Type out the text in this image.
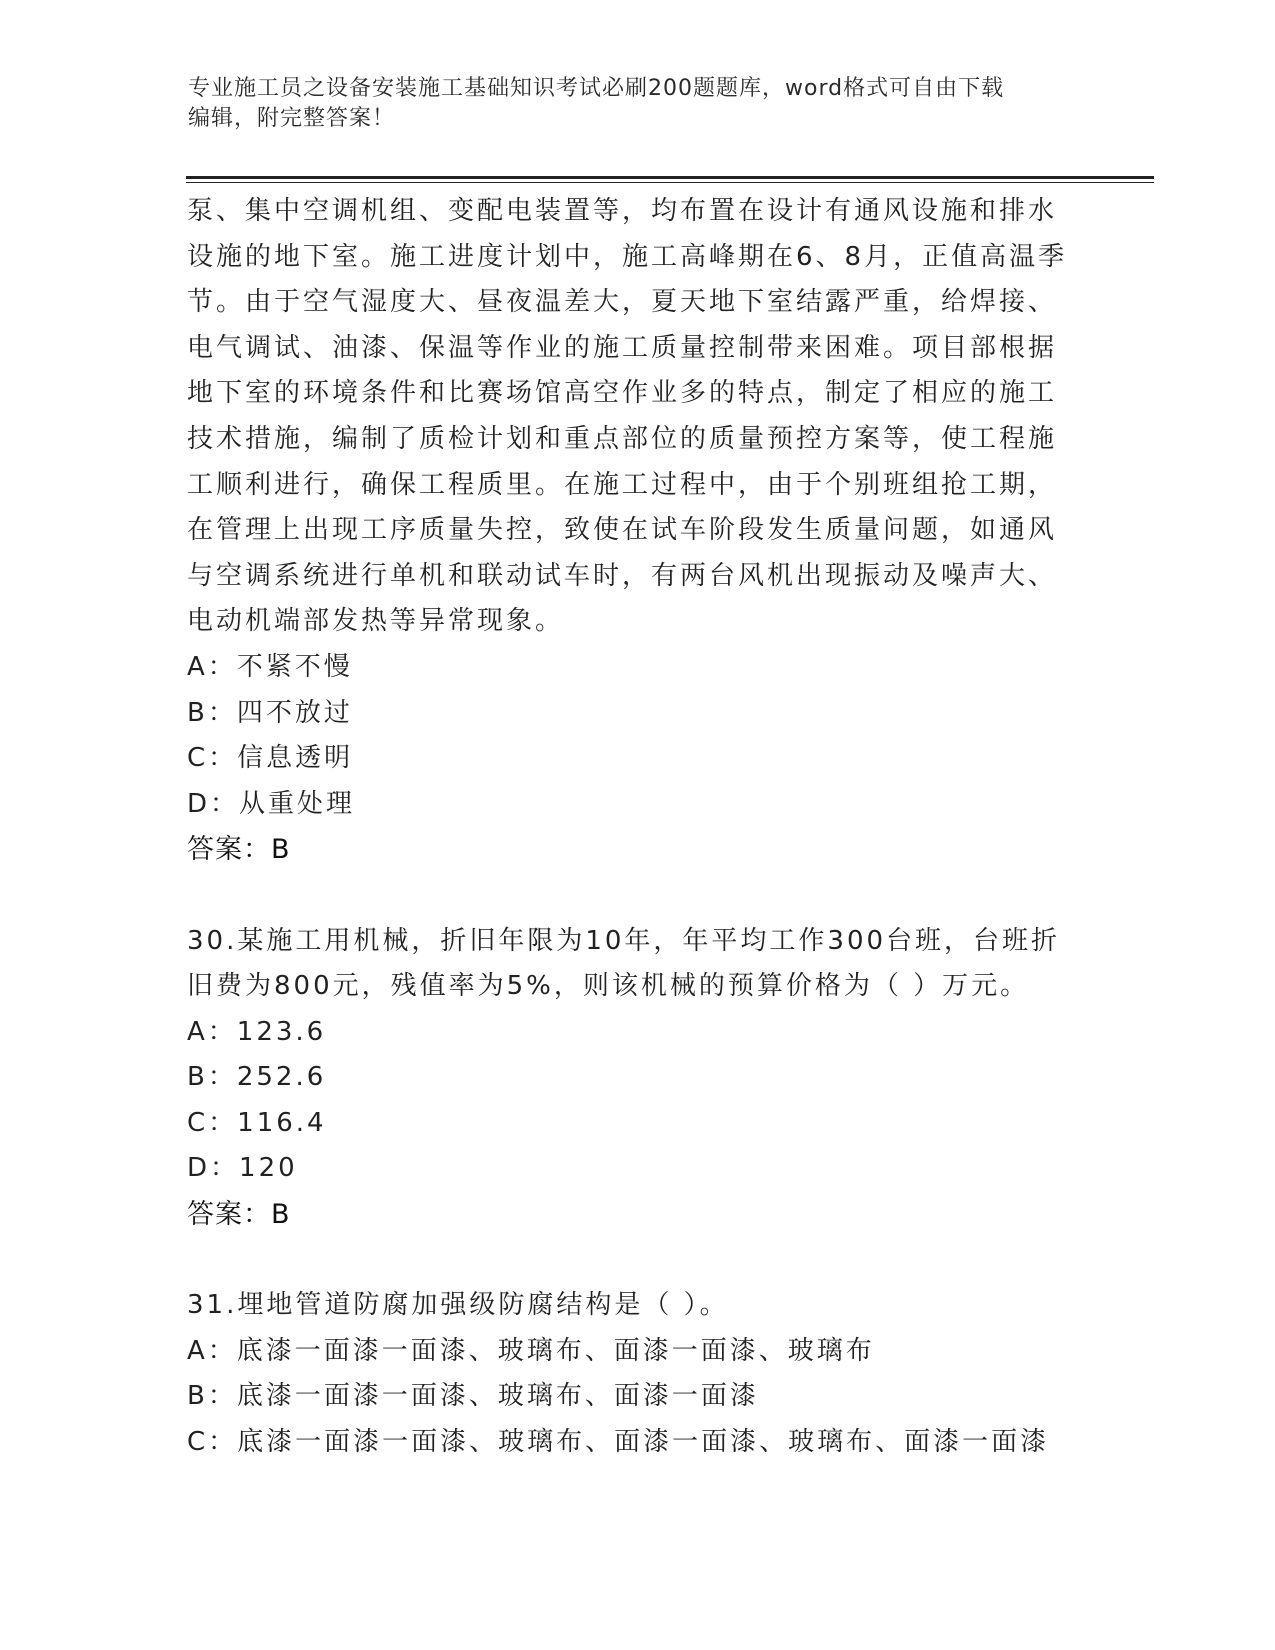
专业施工员之设备安装施工基础知识考试必刷200题题库，word格式可自由下载
编辑，附完整答案！
泵、集中空调机组、变配电装置等，均布置在设计有通风设施和排水
设施的地下室。施工进度计划中，施工高峰期在6、8月，正值高温季
节。由于空气湿度大、昼夜温差大，夏天地下室结露严重，给焊接、
电气调试、油漆、保温等作业的施工质量控制带来困难。项目部根据
地下室的环境条件和比赛场馆高空作业多的特点，制定了相应的施工
技术措施，编制了质检计划和重点部位的质量预控方案等，使工程施
工顺利进行，确保工程质里。在施工过程中，由于个别班组抢工期，
在管理上出现工序质量失控，致使在试车阶段发生质量问题，如通风
与空调系统进行单机和联动试车时，有两台风机出现振动及噪声大、
电动机端部发热等异常现象。
A：不紧不慢
B：四不放过
C：信息透明
D：从重处理
答案：B
30.某施工用机械，折旧年限为10年，年平均工作300台班，台班折
旧费为800元，残值率为5%，则该机械的预算价格为（ ）万元。
A：123.6
B：252.6
C：116.4
D：120
答案：B
31.埋地管道防腐加强级防腐结构是（ ）。
A：底漆一面漆一面漆、玻璃布、面漆一面漆、玻璃布
B：底漆一面漆一面漆、玻璃布、面漆一面漆
C：底漆一面漆一面漆、玻璃布、面漆一面漆、玻璃布、面漆一面漆
